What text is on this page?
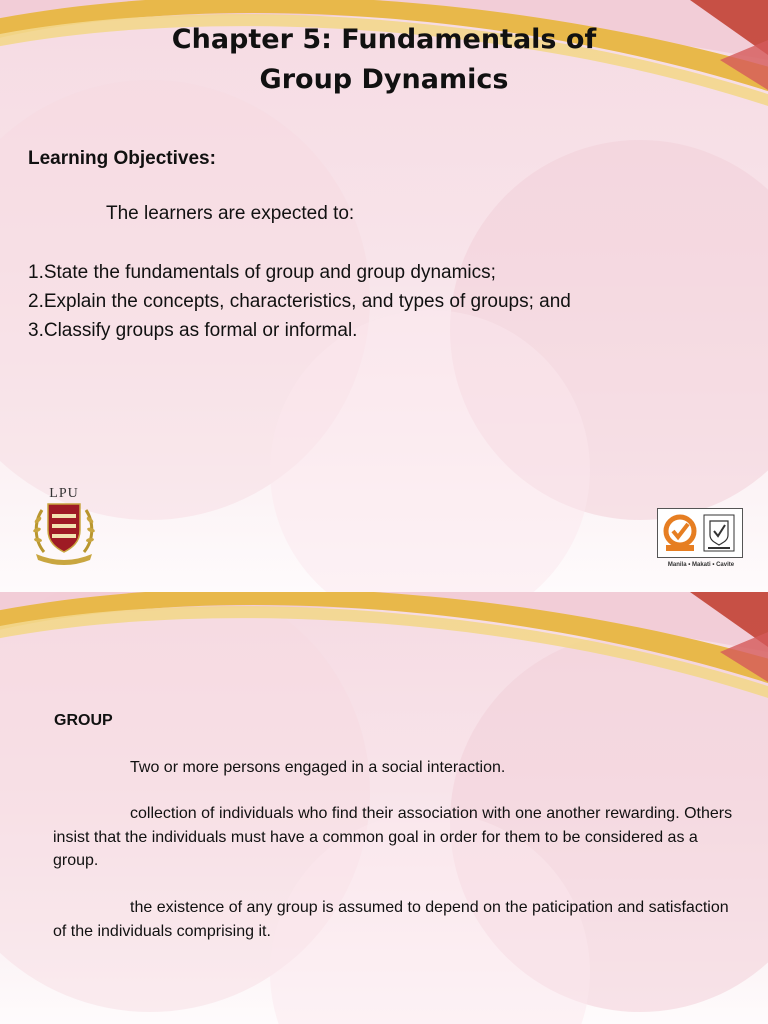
Chapter 5: Fundamentals of
Group Dynamics
Learning Objectives:
The learners are expected to:
1.State the fundamentals of group and group dynamics;
2.Explain the concepts, characteristics, and types of groups; and
3.Classify groups as formal or informal.
LPU
Manila • Makati • Cavite
GROUP
Two or more persons engaged in a social interaction.
collection of individuals who find their association with one another rewarding. Others insist that the individuals must have a common goal in order for them to be considered as a group.
the existence of any group is assumed to depend on the paticipation and satisfaction of the individuals comprising it.
